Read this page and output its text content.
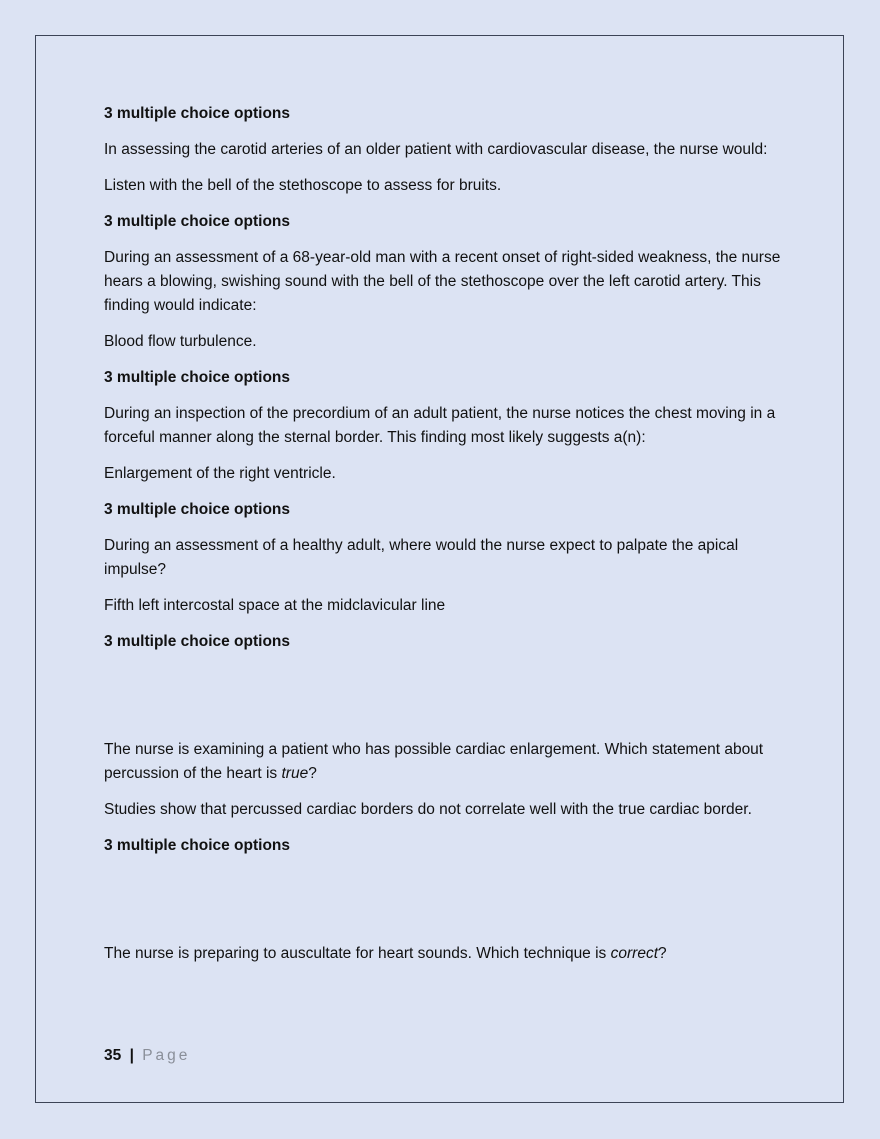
3 multiple choice options

In assessing the carotid arteries of an older patient with cardiovascular disease, the nurse would:

Listen with the bell of the stethoscope to assess for bruits.

3 multiple choice options

During an assessment of a 68-year-old man with a recent onset of right-sided weakness, the nurse hears a blowing, swishing sound with the bell of the stethoscope over the left carotid artery. This finding would indicate:

Blood flow turbulence.

3 multiple choice options

During an inspection of the precordium of an adult patient, the nurse notices the chest moving in a forceful manner along the sternal border. This finding most likely suggests a(n):

Enlargement of the right ventricle.

3 multiple choice options

During an assessment of a healthy adult, where would the nurse expect to palpate the apical impulse?

Fifth left intercostal space at the midclavicular line

3 multiple choice options

The nurse is examining a patient who has possible cardiac enlargement. Which statement about percussion of the heart is true?

Studies show that percussed cardiac borders do not correlate well with the true cardiac border.

3 multiple choice options

The nurse is preparing to auscultate for heart sounds. Which technique is correct?

35 | Page
